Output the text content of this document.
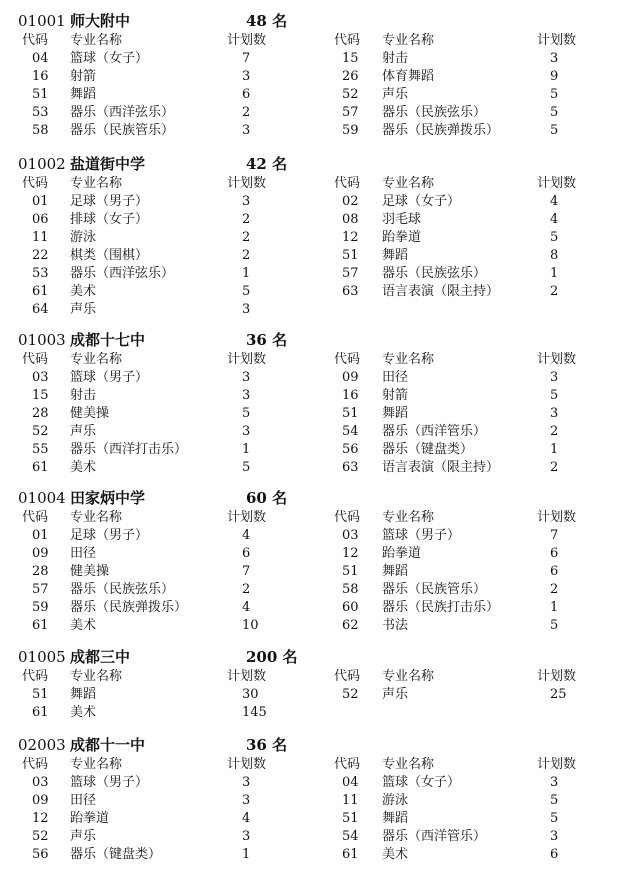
01001 师大附中	48 名
代码 专业名称	计划数	代码 专业名称	计划数
04 篮球（女子）	7	15 射击	3
16 射箭	3	26 体育舞蹈	9
51 舞蹈	6	52 声乐	5
53 器乐（西洋弦乐）	2	57 器乐（民族弦乐）	5
58 器乐（民族管乐）	3	59 器乐（民族弹拨乐）	5
01002 盐道街中学	42 名
代码 专业名称	计划数	代码 专业名称	计划数
01 足球（男子）	3	02 足球（女子）	4
06 排球（女子）	2	08 羽毛球	4
11 游泳	2	12 跆拳道	5
22 棋类（围棋）	2	51 舞蹈	8
53 器乐（西洋弦乐）	1	57 器乐（民族弦乐）	1
61 美术	5	63 语言表演（限主持）	2
64 声乐	3
01003 成都十七中	36 名
代码 专业名称	计划数	代码 专业名称	计划数
03 篮球（男子）	3	09 田径	3
15 射击	3	16 射箭	5
28 健美操	5	51 舞蹈	3
52 声乐	3	54 器乐（西洋管乐）	2
55 器乐（西洋打击乐）	1	56 器乐（键盘类）	1
61 美术	5	63 语言表演（限主持）	2
01004 田家炳中学	60 名
代码 专业名称	计划数	代码 专业名称	计划数
01 足球（男子）	4	03 篮球（男子）	7
09 田径	6	12 跆拳道	6
28 健美操	7	51 舞蹈	6
57 器乐（民族弦乐）	2	58 器乐（民族管乐）	2
59 器乐（民族弹拨乐）	4	60 器乐（民族打击乐）	1
61 美术	10	62 书法	5
01005 成都三中	200 名
代码 专业名称	计划数	代码 专业名称	计划数
51 舞蹈	30	52 声乐	25
61 美术	145
02003 成都十一中	36 名
代码 专业名称	计划数	代码 专业名称	计划数
03 篮球（男子）	3	04 篮球（女子）	3
09 田径	3	11 游泳	5
12 跆拳道	4	51 舞蹈	5
52 声乐	3	54 器乐（西洋管乐）	3
56 器乐（键盘类）	1	61 美术	6
